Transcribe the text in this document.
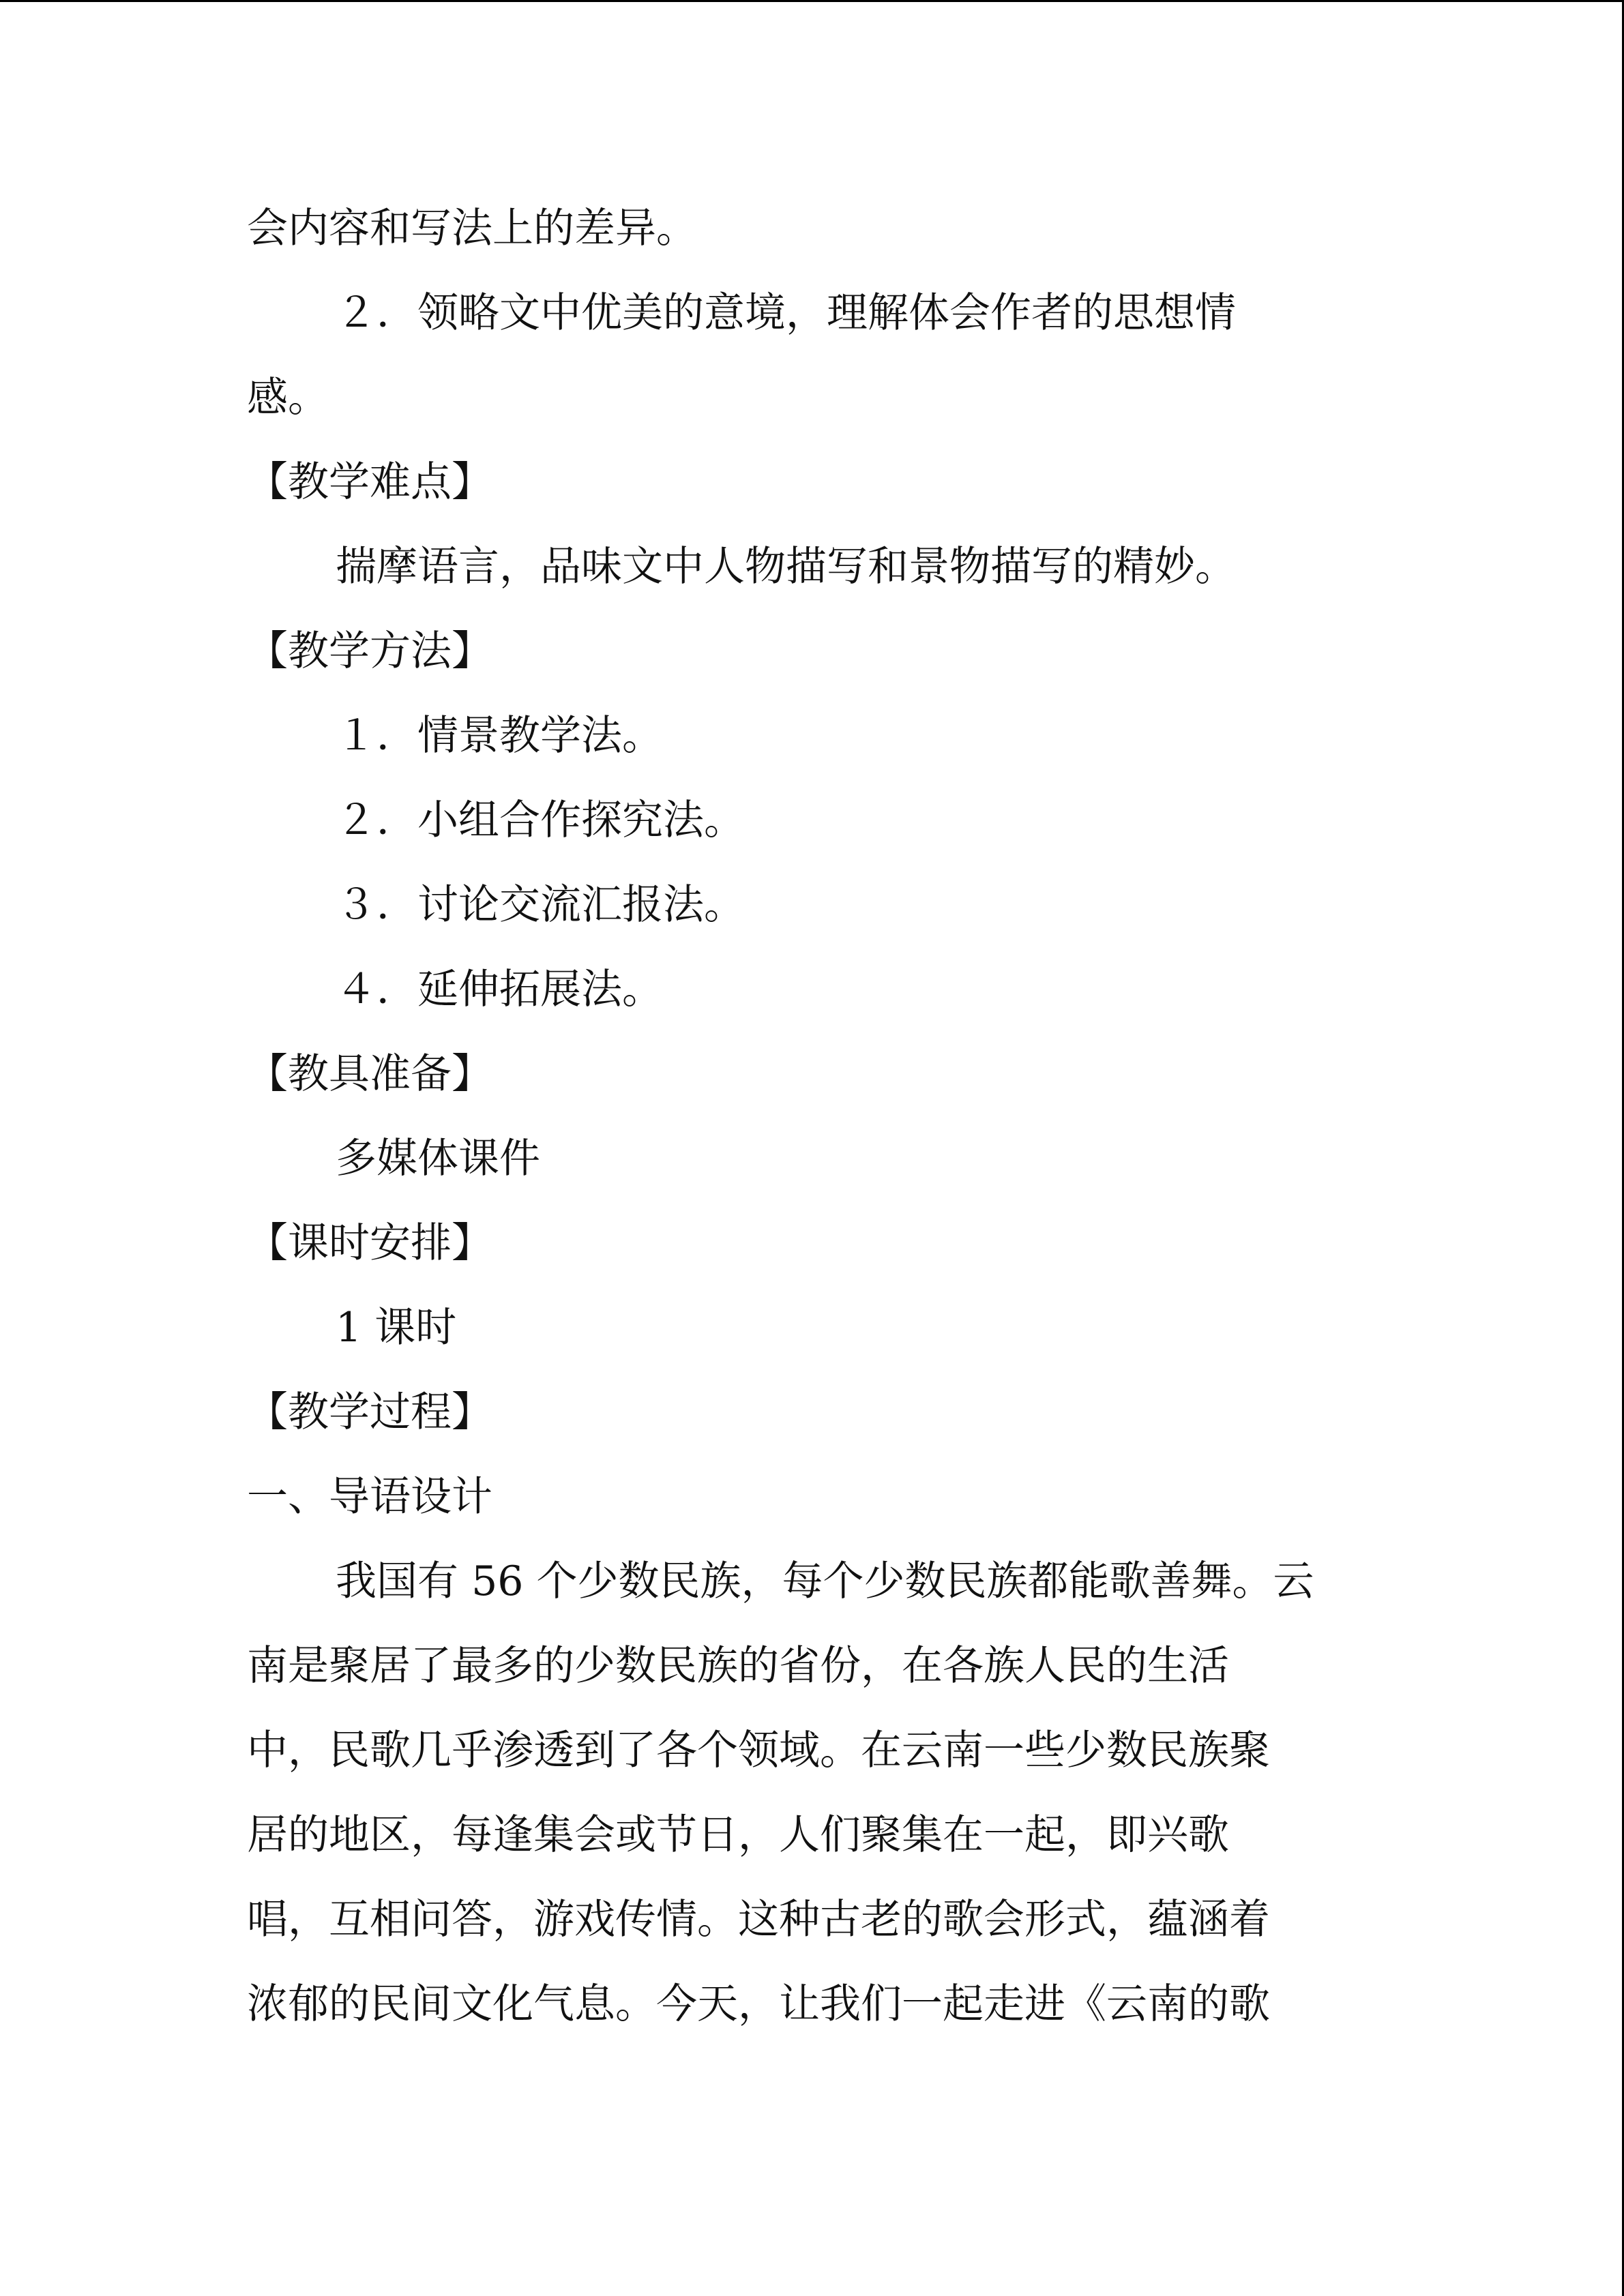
会内容和写法上的差异。
２．领略文中优美的意境，理解体会作者的思想情
感。
【教学难点】
揣摩语言，品味文中人物描写和景物描写的精妙。
【教学方法】
１．情景教学法。
２．小组合作探究法。
３．讨论交流汇报法。
４．延伸拓展法。
【教具准备】
多媒体课件
【课时安排】
1 课时
【教学过程】
一、导语设计
我国有 56 个少数民族，每个少数民族都能歌善舞。云
南是聚居了最多的少数民族的省份，在各族人民的生活
中，民歌几乎渗透到了各个领域。在云南一些少数民族聚
居的地区，每逢集会或节日，人们聚集在一起，即兴歌
唱，互相问答，游戏传情。这种古老的歌会形式，蕴涵着
浓郁的民间文化气息。今天，让我们一起走进《云南的歌
